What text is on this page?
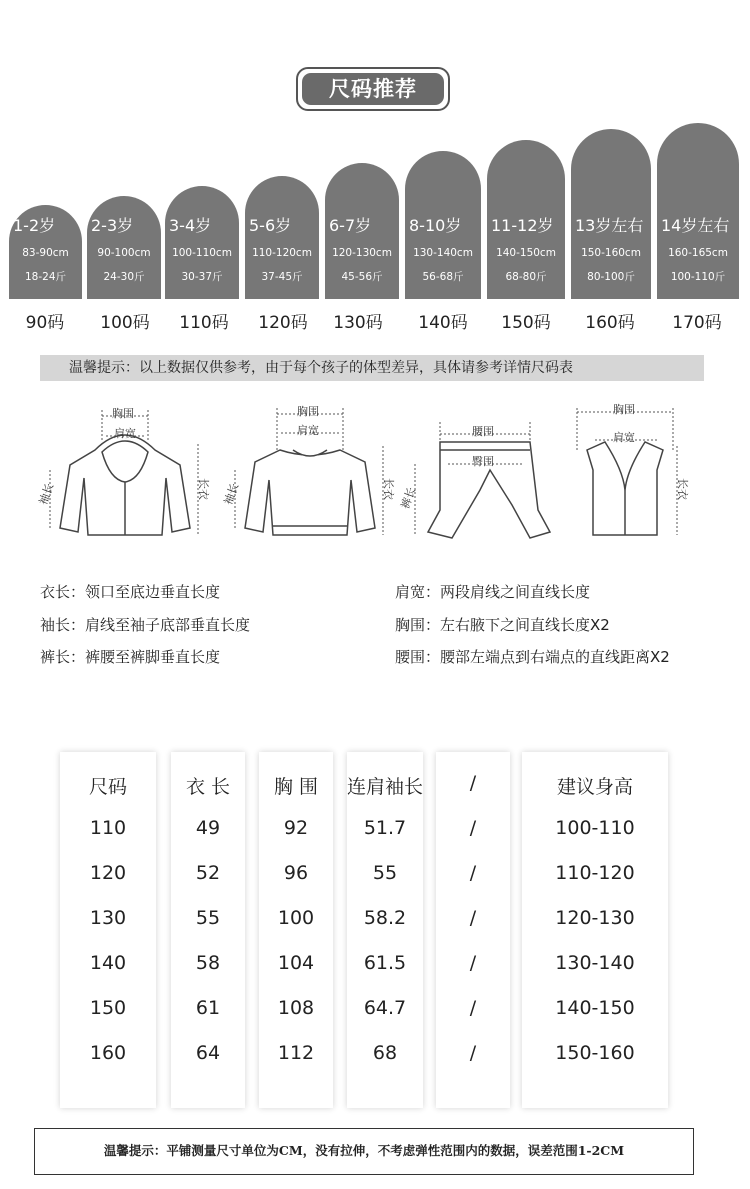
尺码推荐
1-2岁
83-90cm
18-24斤
90码
2-3岁
90-100cm
24-30斤
100码
3-4岁
100-110cm
30-37斤
110码
5-6岁
110-120cm
37-45斤
120码
6-7岁
120-130cm
45-56斤
130码
8-10岁
130-140cm
56-68斤
140码
11-12岁
140-150cm
68-80斤
150码
13岁左右
150-160cm
80-100斤
160码
14岁左右
160-165cm
100-110斤
170码
温馨提示：以上数据仅供参考，由于每个孩子的体型差异，具体请参考详情尺码表
胸围
肩宽
袖长	长衣
胸围
肩宽
袖长	长衣
腰围
臀围
裤长
胸围
肩宽
长衣
衣长：领口至底边垂直长度
袖长：肩线至袖子底部垂直长度
裤长：裤腰至裤脚垂直长度
肩宽：两段肩线之间直线长度
胸围：左右腋下之间直线长度X2
腰围：腰部左端点到右端点的直线距离X2
尺码
110
120
130
140
150
160
衣 长
49
52
55
58
61
64
胸 围
92
96
100
104
108
112
连肩袖长
51.7
55
58.2
61.5
64.7
68
/
/
/
/
/
/
/
建议身高
100-110
110-120
120-130
130-140
140-150
150-160
温馨提示：平铺测量尺寸单位为CM，没有拉伸，不考虑弹性范围内的数据，误差范围1-2CM
